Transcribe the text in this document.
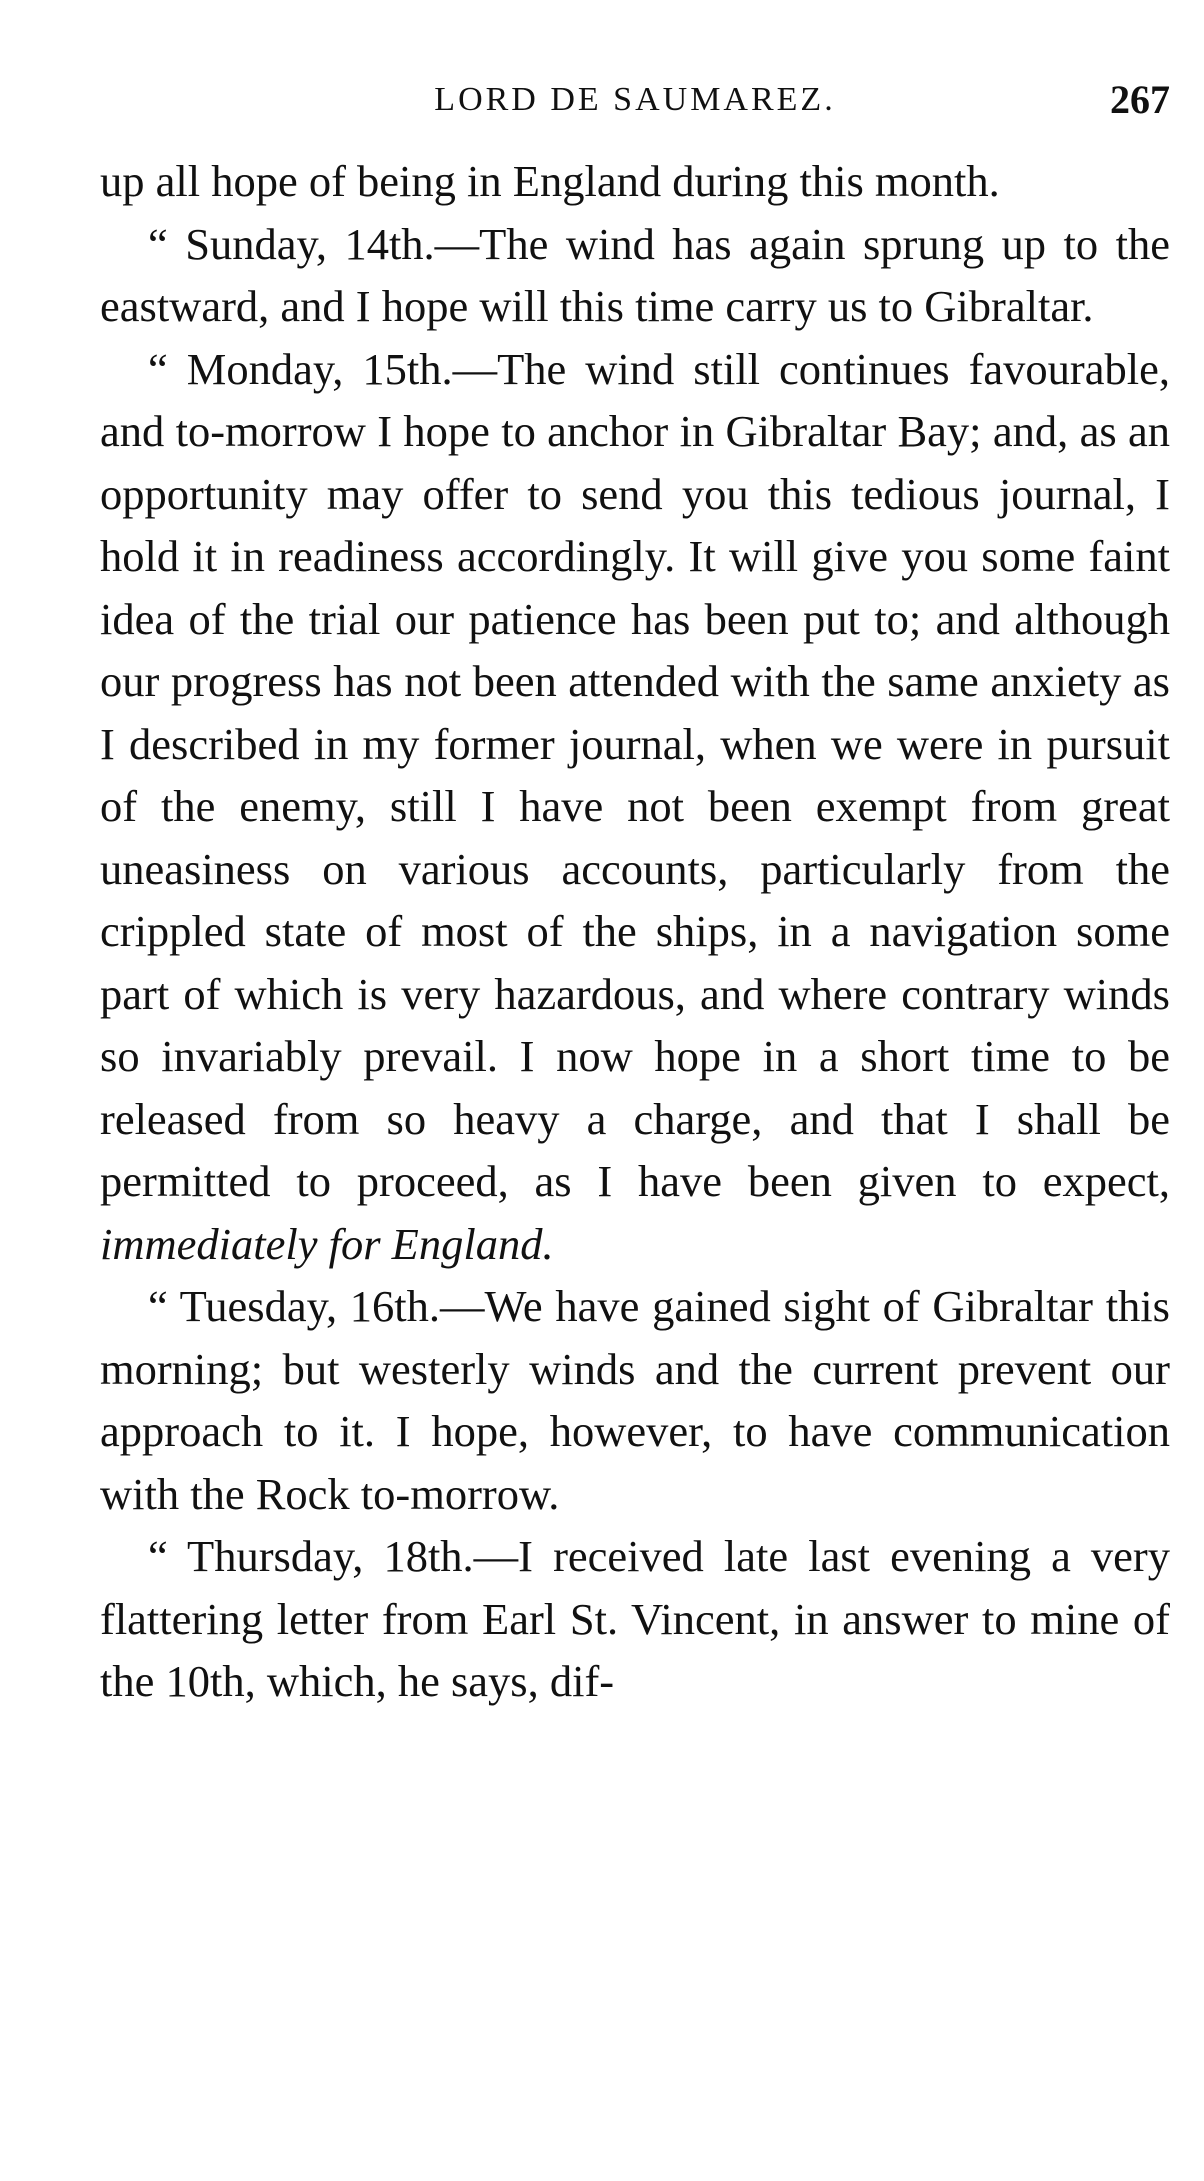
LORD DE SAUMAREZ.	267

up all hope of being in England during this month.

“ Sunday, 14th.—The wind has again sprung up to the eastward, and I hope will this time carry us to Gibraltar.

“ Monday, 15th.—The wind still continues favourable, and to-morrow I hope to anchor in Gibraltar Bay; and, as an opportunity may offer to send you this tedious journal, I hold it in readiness accordingly. It will give you some faint idea of the trial our patience has been put to; and although our progress has not been attended with the same anxiety as I described in my former journal, when we were in pursuit of the enemy, still I have not been exempt from great uneasiness on various accounts, particularly from the crippled state of most of the ships, in a navigation some part of which is very hazardous, and where contrary winds so invariably prevail. I now hope in a short time to be released from so heavy a charge, and that I shall be permitted to proceed, as I have been given to expect, immediately for England.

“ Tuesday, 16th.—We have gained sight of Gibraltar this morning; but westerly winds and the current prevent our approach to it. I hope, however, to have communication with the Rock to-morrow.

“ Thursday, 18th.—I received late last evening a very flattering letter from Earl St. Vincent, in answer to mine of the 10th, which, he says, dif-
